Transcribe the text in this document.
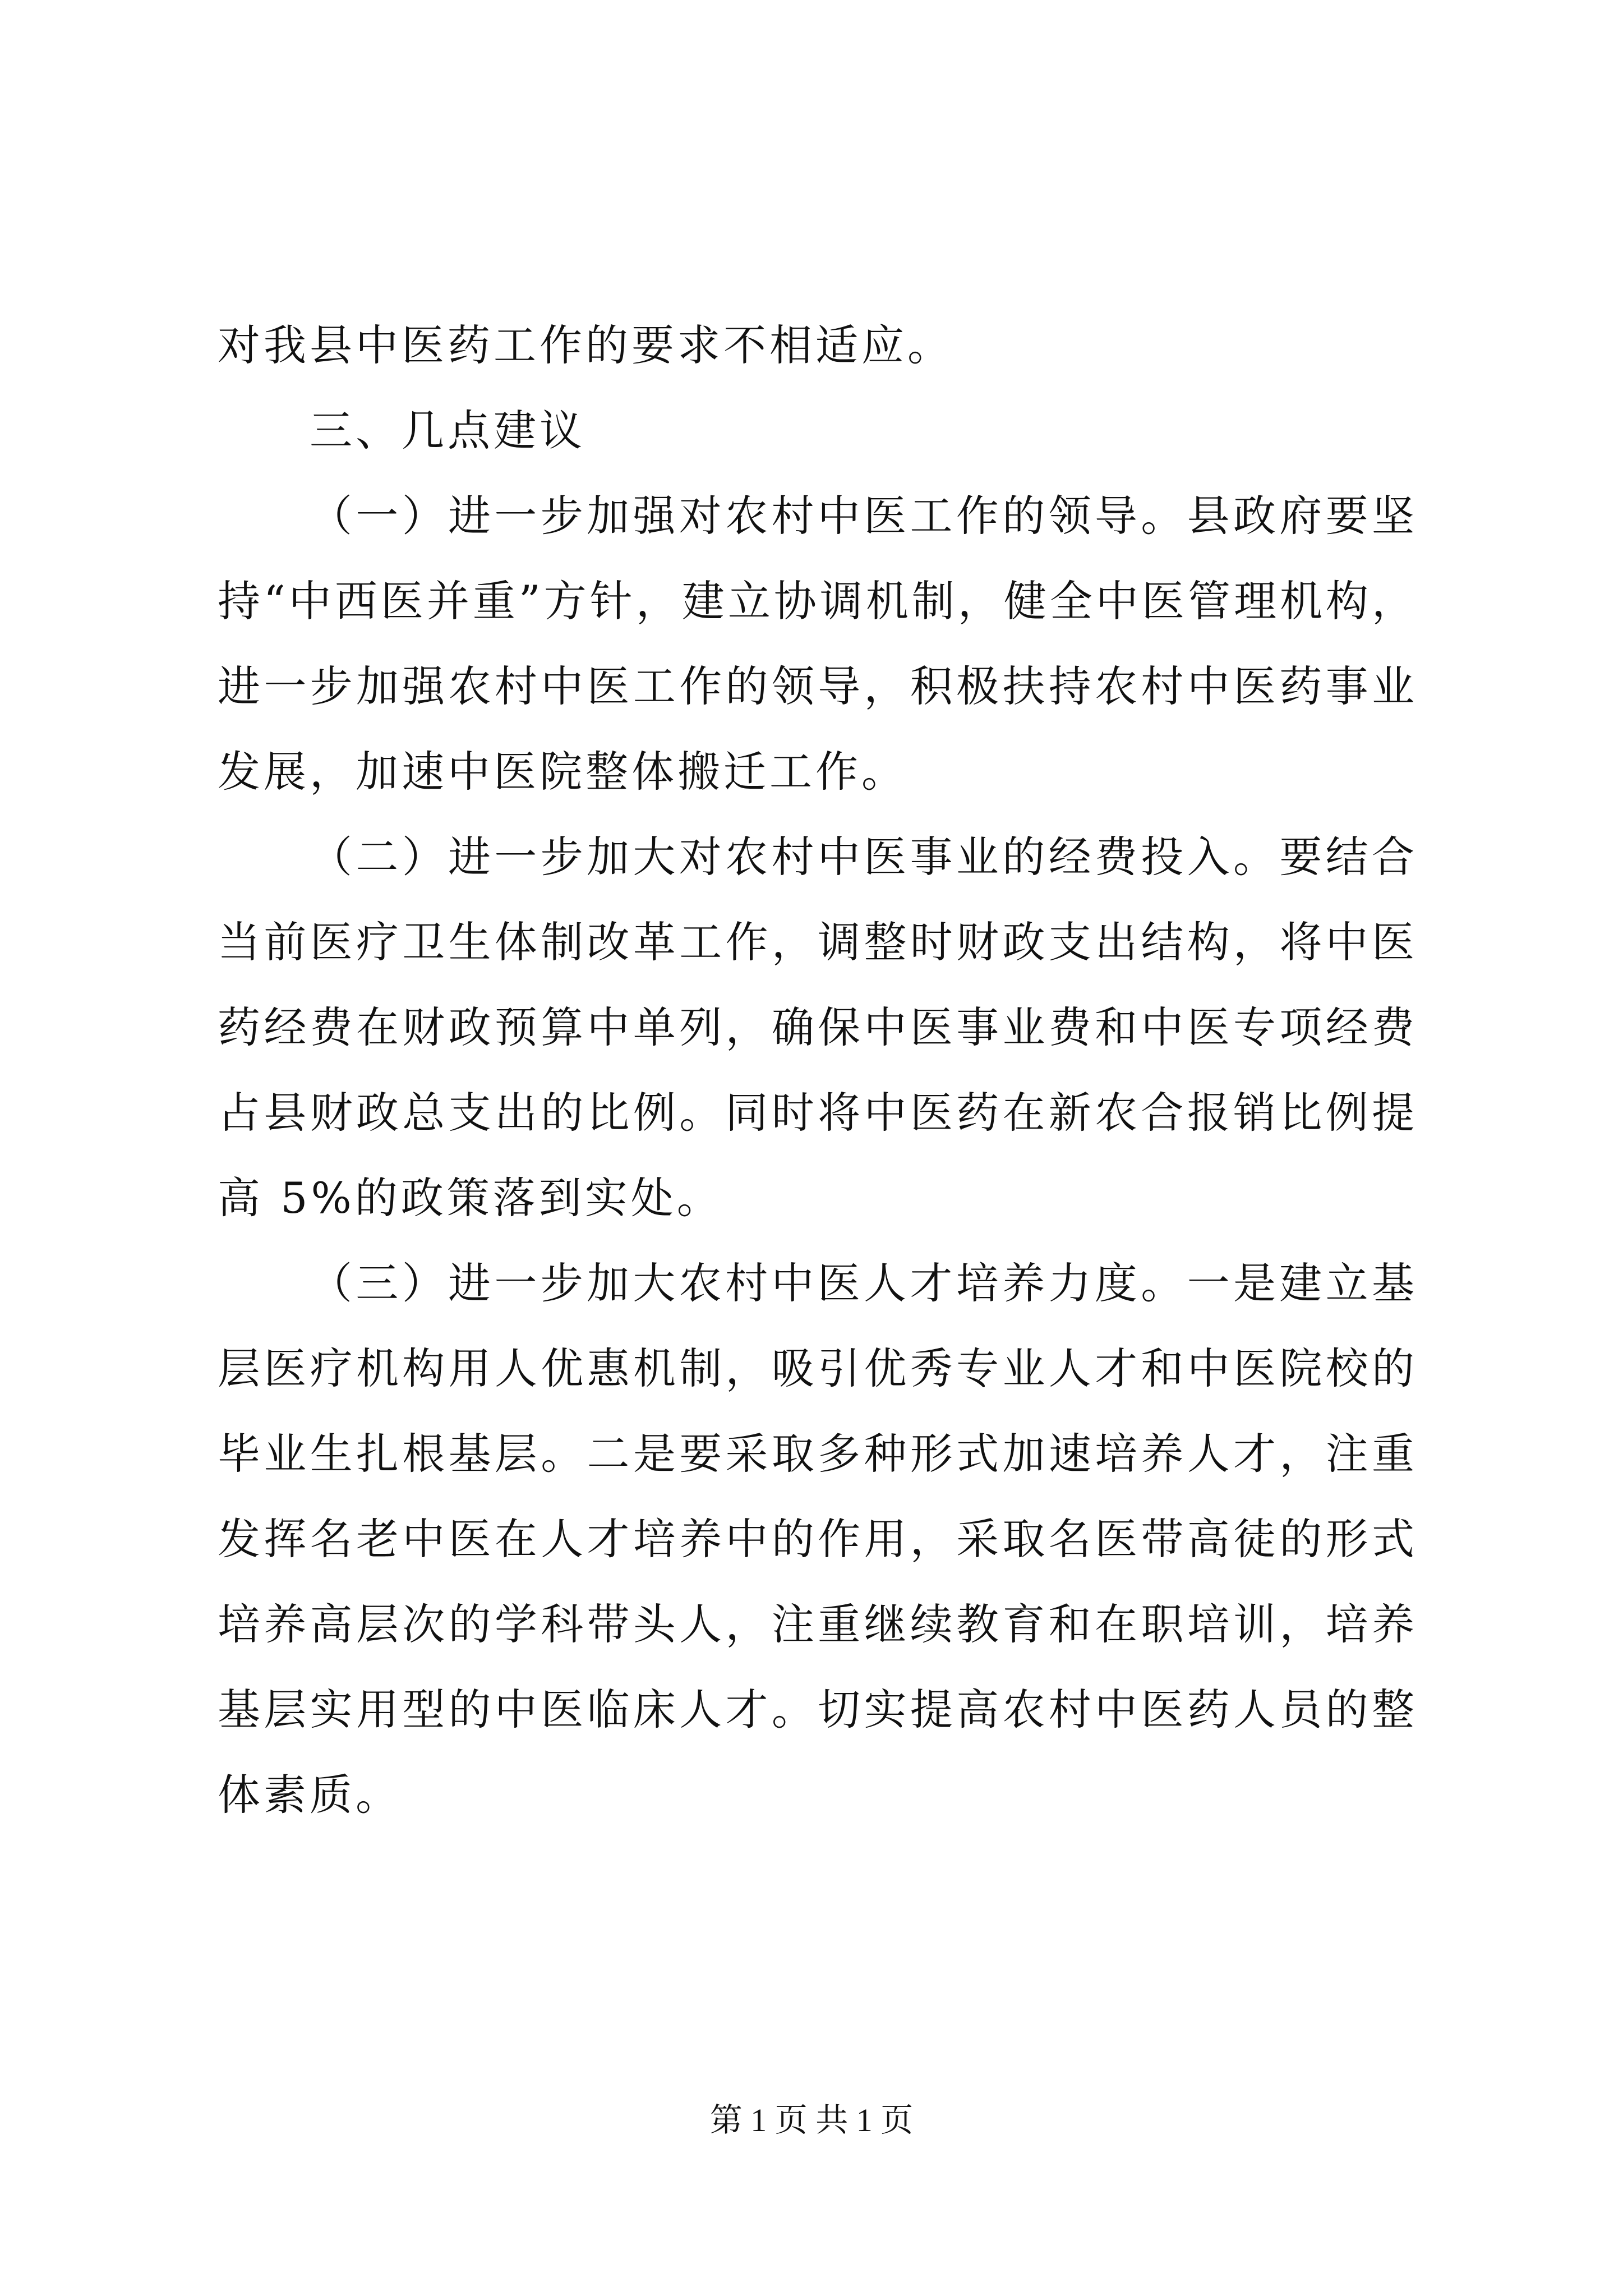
对我县中医药工作的要求不相适应。

三、几点建议

（一）进一步加强对农村中医工作的领导。县政府要坚持“中西医并重”方针，建立协调机制，健全中医管理机构，进一步加强农村中医工作的领导，积极扶持农村中医药事业发展，加速中医院整体搬迁工作。

（二）进一步加大对农村中医事业的经费投入。要结合当前医疗卫生体制改革工作，调整时财政支出结构，将中医药经费在财政预算中单列，确保中医事业费和中医专项经费占县财政总支出的比例。同时将中医药在新农合报销比例提高 5%的政策落到实处。

（三）进一步加大农村中医人才培养力度。一是建立基层医疗机构用人优惠机制，吸引优秀专业人才和中医院校的毕业生扎根基层。二是要采取多种形式加速培养人才，注重发挥名老中医在人才培养中的作用，采取名医带高徒的形式培养高层次的学科带头人，注重继续教育和在职培训，培养基层实用型的中医临床人才。切实提高农村中医药人员的整体素质。

第 1 页 共 1 页
